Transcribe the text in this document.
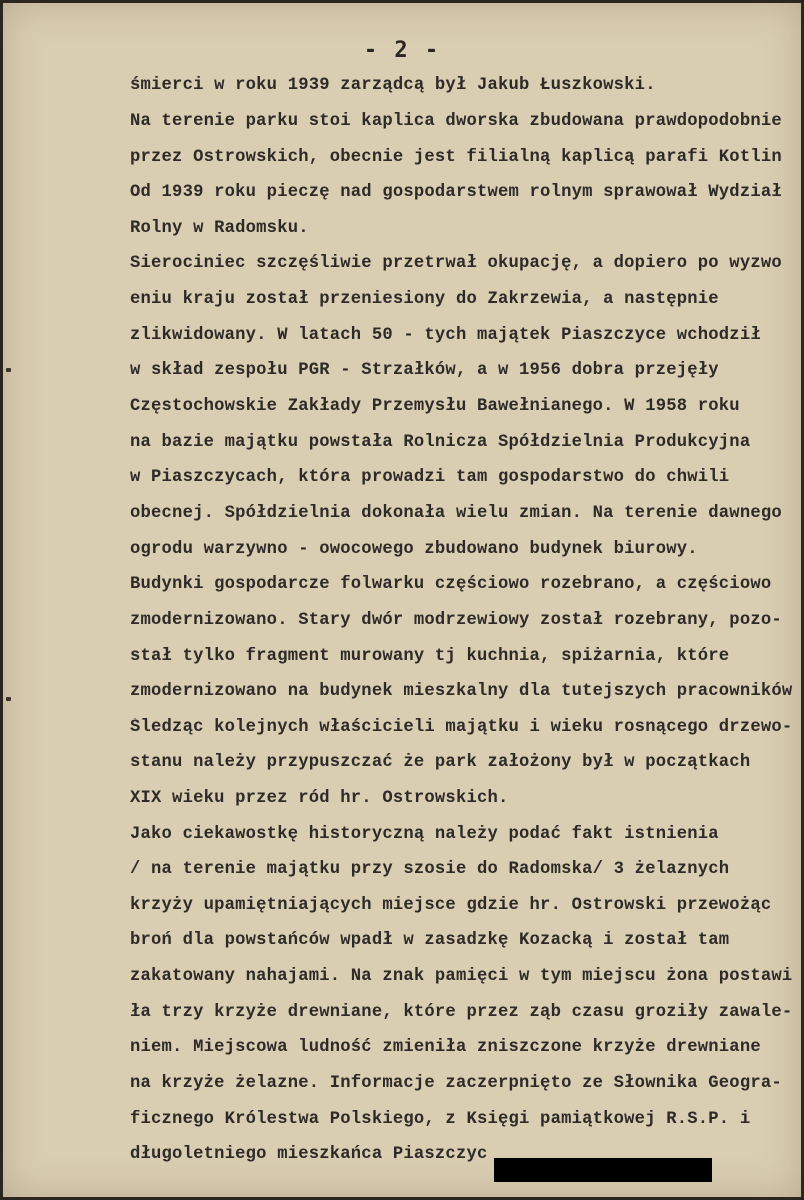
- 2 -
śmierci w roku 1939 zarządcą był Jakub Łuszkowski.
Na terenie parku stoi kaplica dworska zbudowana prawdopodobnie
przez Ostrowskich, obecnie jest filialną kaplicą parafi Kotlin
Od 1939 roku pieczę nad gospodarstwem rolnym sprawował Wydział
Rolny w Radomsku.
Sierociniec szczęśliwie przetrwał okupację, a dopiero po wyzwo
eniu kraju został przeniesiony do Zakrzewia, a następnie
zlikwidowany. W latach 50 - tych majątek Piaszczyce wchodził
w skład zespołu PGR - Strzałków, a w 1956 dobra przejęły
Częstochowskie Zakłady Przemysłu Bawełnianego. W 1958 roku
na bazie majątku powstała Rolnicza Spółdzielnia Produkcyjna
w Piaszczycach, która prowadzi tam gospodarstwo do chwili
obecnej. Spółdzielnia dokonała wielu zmian. Na terenie dawnego
ogrodu warzywno - owocowego zbudowano budynek biurowy.
Budynki gospodarcze folwarku częściowo rozebrano, a częściowo
zmodernizowano. Stary dwór modrzewiowy został rozebrany, pozo-
stał tylko fragment murowany tj kuchnia, spiżarnia, które
zmodernizowano na budynek mieszkalny dla tutejszych pracowników
Śledząc kolejnych właścicieli majątku i wieku rosnącego drzewo-
stanu należy przypuszczać że park założony był w początkach
XIX wieku przez ród hr. Ostrowskich.
Jako ciekawostkę historyczną należy podać fakt istnienia
/ na terenie majątku przy szosie do Radomska/ 3 żelaznych
krzyży upamiętniających miejsce gdzie hr. Ostrowski przewożąc
broń dla powstańców wpadł w zasadzkę Kozacką i został tam
zakatowany nahajami. Na znak pamięci w tym miejscu żona postawi
ła trzy krzyże drewniane, które przez ząb czasu groziły zawale-
niem. Miejscowa ludność zmieniła zniszczone krzyże drewniane
na krzyże żelazne. Informacje zaczerpnięto ze Słownika Geogra-
ficznego Królestwa Polskiego, z Księgi pamiątkowej R.S.P. i
długoletniego mieszkańca Piaszczyc
